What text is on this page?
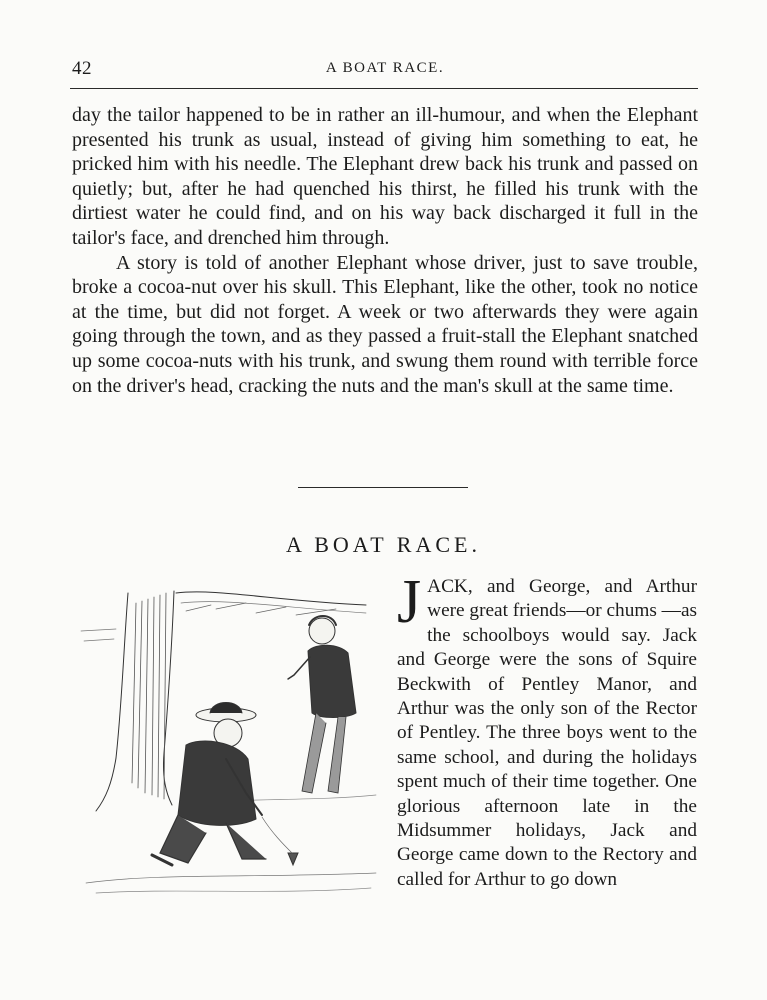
42	A BOAT RACE.

day the tailor happened to be in rather an ill-humour, and when the Elephant presented his trunk as usual, instead of giving him something to eat, he pricked him with his needle. The Elephant drew back his trunk and passed on quietly; but, after he had quenched his thirst, he filled his trunk with the dirtiest water he could find, and on his way back discharged it full in the tailor's face, and drenched him through.

A story is told of another Elephant whose driver, just to save trouble, broke a cocoa-nut over his skull. This Elephant, like the other, took no notice at the time, but did not forget. A week or two afterwards they were again going through the town, and as they passed a fruit-stall the Elephant snatched up some cocoa-nuts with his trunk, and swung them round with terrible force on the driver's head, cracking the nuts and the man's skull at the same time.

A BOAT RACE.
J ACK, and George, and Arthur were great friends—or chums —as the schoolboys would say. Jack and George were the sons of Squire Beckwith of Pentley Manor, and Arthur was the only son of the Rector of Pentley. The three boys went to the same school, and during the holidays spent much of their time together. One glorious afternoon late in the Midsummer holidays, Jack and George came down to the Rectory and called for Arthur to go down
